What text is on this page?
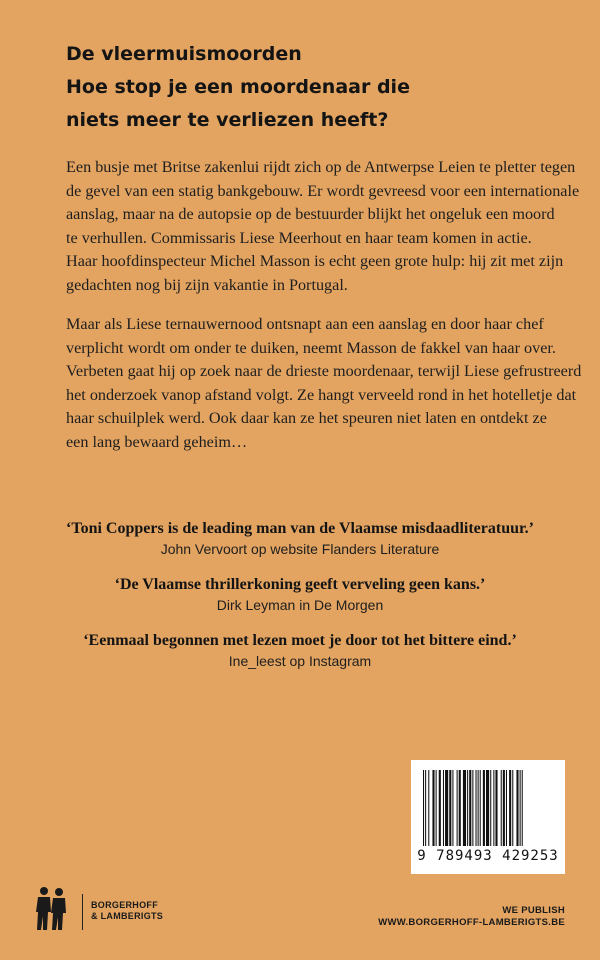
De vleermuismoorden
Hoe stop je een moordenaar die
niets meer te verliezen heeft?
Een busje met Britse zakenlui rijdt zich op de Antwerpse Leien te pletter tegen
de gevel van een statig bankgebouw. Er wordt gevreesd voor een internationale
aanslag, maar na de autopsie op de bestuurder blijkt het ongeluk een moord
te verhullen. Commissaris Liese Meerhout en haar team komen in actie.
Haar hoofdinspecteur Michel Masson is echt geen grote hulp: hij zit met zijn
gedachten nog bij zijn vakantie in Portugal.
Maar als Liese ternauwernood ontsnapt aan een aanslag en door haar chef
verplicht wordt om onder te duiken, neemt Masson de fakkel van haar over.
Verbeten gaat hij op zoek naar de drieste moordenaar, terwijl Liese gefrustreerd
het onderzoek vanop afstand volgt. Ze hangt verveeld rond in het hotelletje dat
haar schuilplek werd. Ook daar kan ze het speuren niet laten en ontdekt ze
een lang bewaard geheim…
‘Toni Coppers is de leading man van de Vlaamse misdaadliteratuur.’
John Vervoort op website Flanders Literature
‘De Vlaamse thrillerkoning geeft verveling geen kans.’
Dirk Leyman in De Morgen
‘Eenmaal begonnen met lezen moet je door tot het bittere eind.’
Ine_leest op Instagram
9 789493 429253
BORGERHOFF
& LAMBERIGTS	WE PUBLISH
WWW.BORGERHOFF-LAMBERIGTS.BE
